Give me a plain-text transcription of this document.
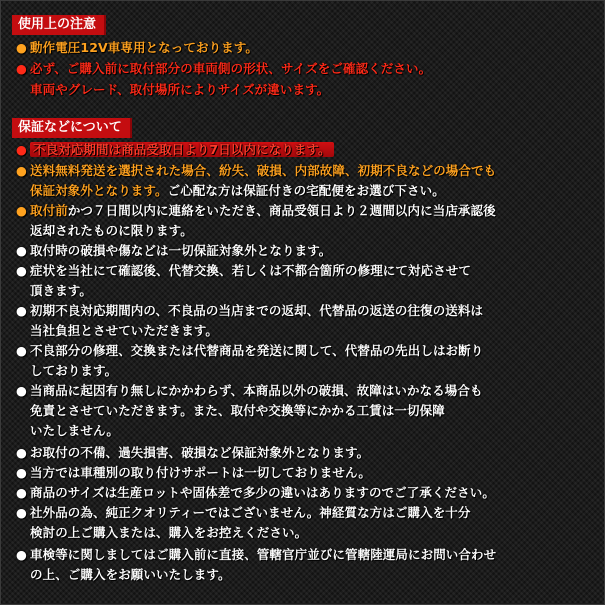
使用上の注意
● 動作電圧12V車専用となっております。
● 必ず、ご購入前に取付部分の車両側の形状、サイズをご確認ください。
車両やグレード、取付場所によりサイズが違います。
保証などについて
● 不良対応期間は商品受取日より7日以内になります。
● 送料無料発送を選択された場合、紛失、破損、内部故障、初期不良などの場合でも
保証対象外となります。ご心配な方は保証付きの宅配便をお選び下さい。
● 取付前かつ７日間以内に連絡をいただき、商品受領日より２週間以内に当店承認後
返却されたものに限ります。
● 取付時の破損や傷などは一切保証対象外となります。
● 症状を当社にて確認後、代替交換、若しくは不都合箇所の修理にて対応させて
頂きます。
● 初期不良対応期間内の、不良品の当店までの返却、代替品の返送の往復の送料は
当社負担とさせていただきます。
● 不良部分の修理、交換または代替商品を発送に関して、代替品の先出しはお断り
しております。
● 当商品に起因有り無しにかかわらず、本商品以外の破損、故障はいかなる場合も
免責とさせていただきます。また、取付や交換等にかかる工賃は一切保障
いたしません。
● お取付の不備、過失損害、破損など保証対象外となります。
● 当方では車種別の取り付けサポートは一切しておりません。
● 商品のサイズは生産ロットや固体差で多少の違いはありますのでご了承ください。
● 社外品の為、純正クオリティーではございません。神経質な方はご購入を十分
検討の上ご購入または、購入をお控えください。
● 車検等に関しましてはご購入前に直接、管轄官庁並びに管轄陸運局にお問い合わせ
の上、ご購入をお願いいたします。
